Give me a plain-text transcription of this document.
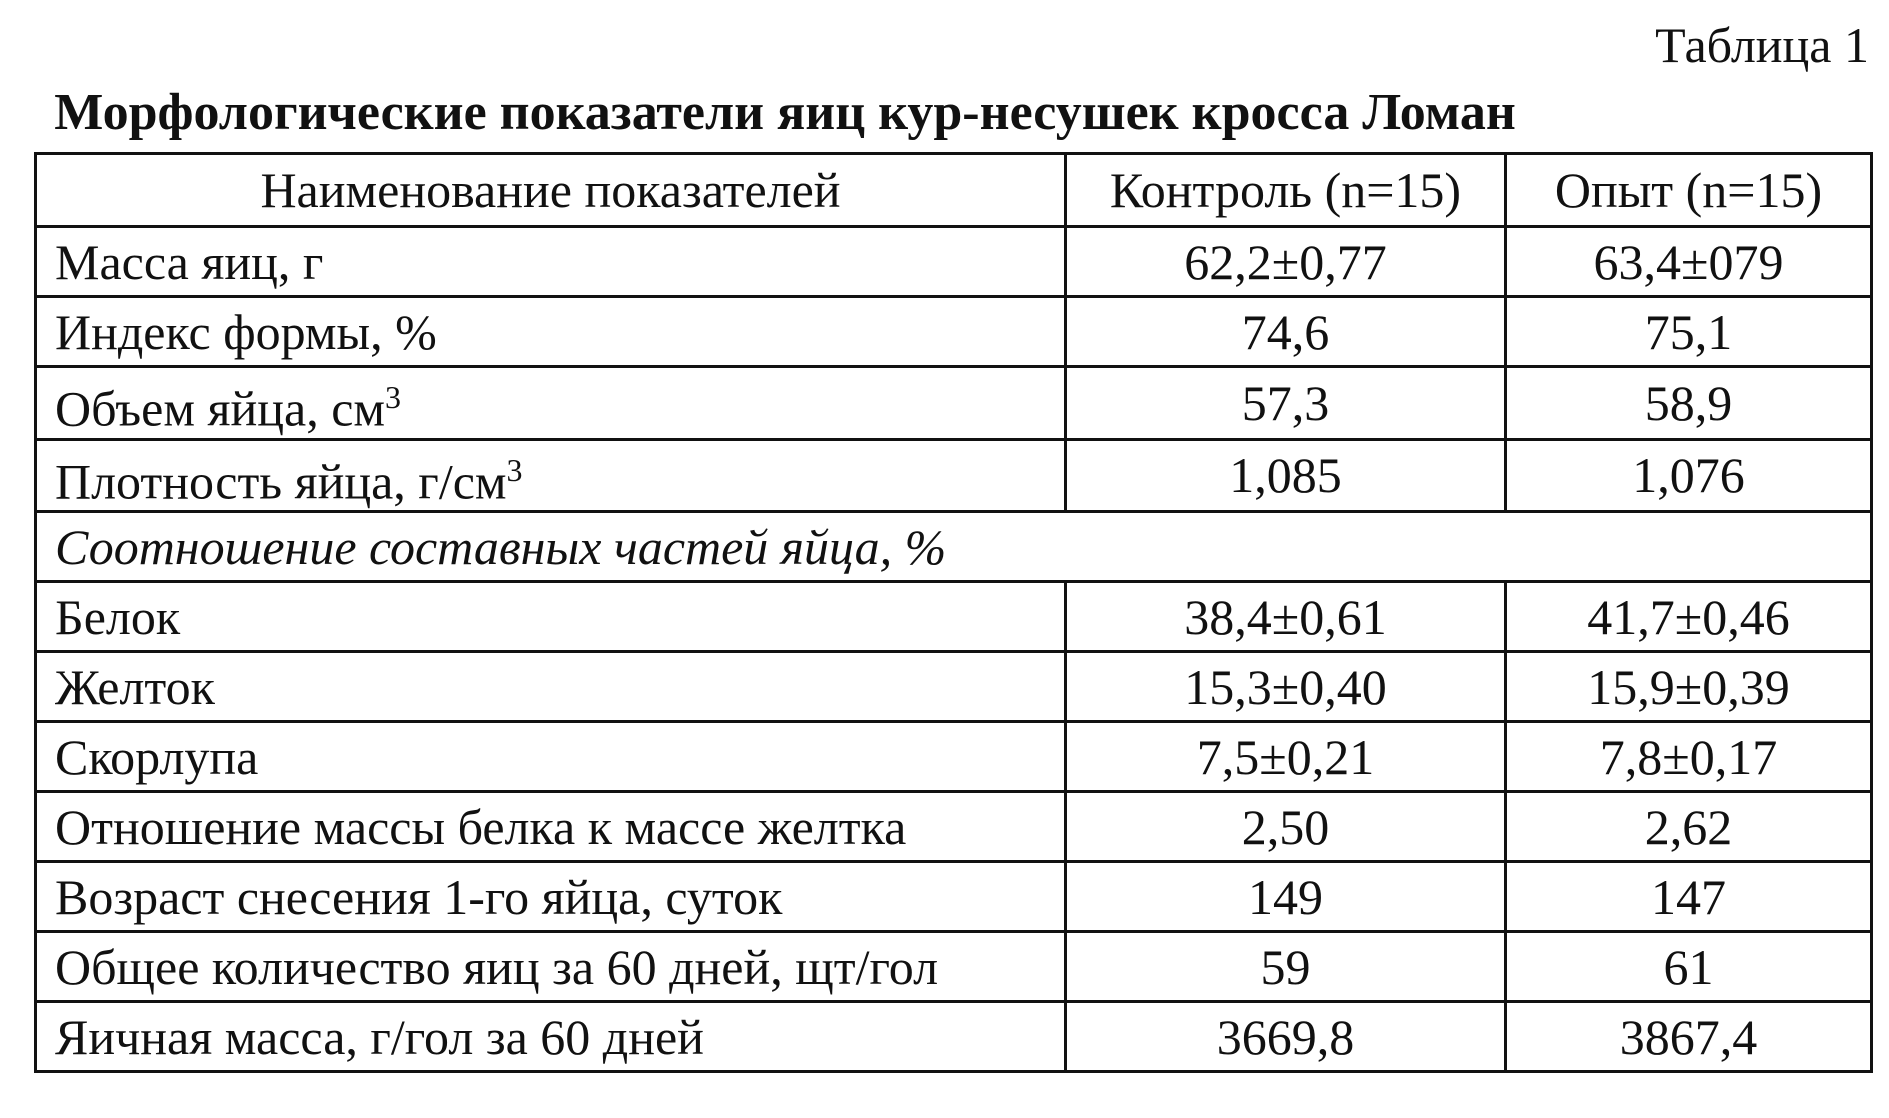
Таблица 1
Морфологические показатели яиц кур-несушек кросса Ломан
Наименование показателей	Контроль (n=15)	Опыт (n=15)
Масса яиц, г	62,2±0,77	63,4±079
Индекс формы, %	74,6	75,1
Объем яйца, $см^3$	57,3	58,9
Плотность яйца, $г/см^3$	1,085	1,076
Соотношение составных частей яйца, %		
Белок	38,4±0,61	41,7±0,46
Желток	15,3±0,40	15,9±0,39
Скорлупа	7,5±0,21	7,8±0,17
Отношение массы белка к массе желтка	2,50	2,62
Возраст снесения 1-го яйца, суток	149	147
Общее количество яиц за 60 дней, щт/гол	59	61
Яичная масса, г/гол за 60 дней	3669,8	3867,4
